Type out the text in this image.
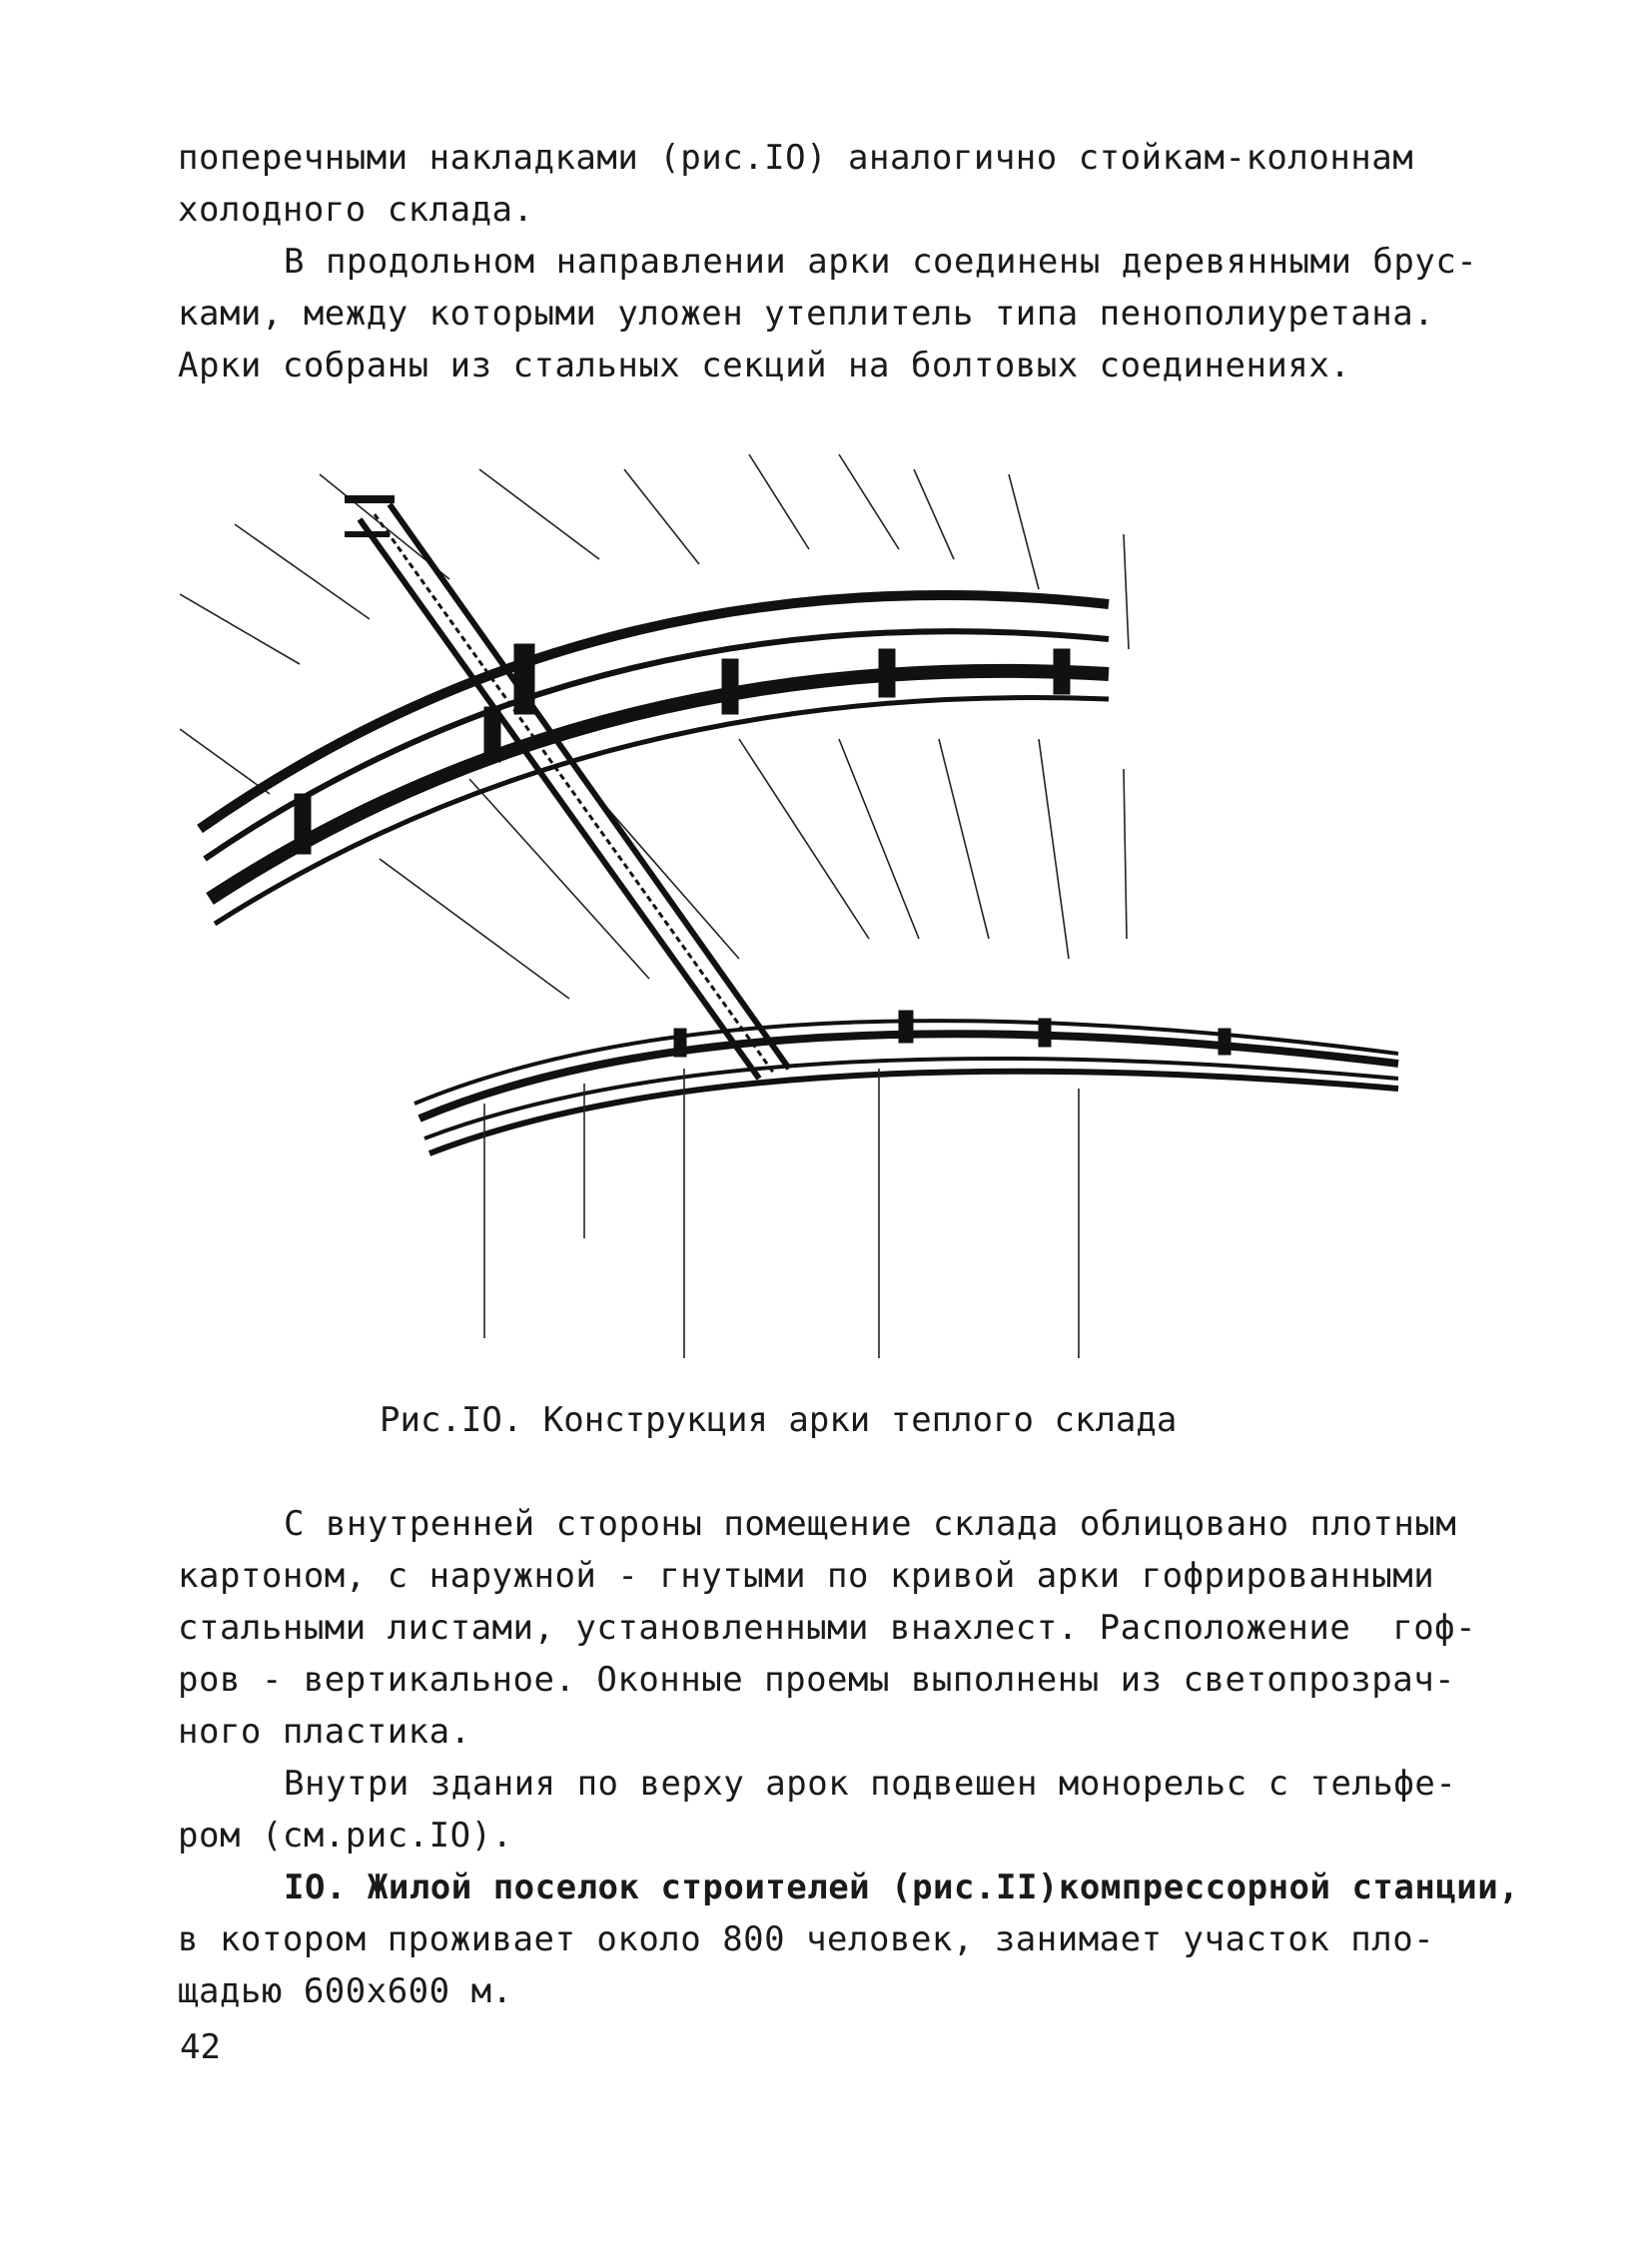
поперечными накладками (рис.IO) аналогично стойкам-колоннам

холодного склада.

В продольном направлении арки соединены деревянными брус-

ками, между которыми уложен утеплитель типа пенополиуретана.

Арки собраны из стальных секций на болтовых соединениях.

Рис.IO. Конструкция арки теплого склада

С внутренней стороны помещение склада облицовано плотным

картоном, с наружной - гнутыми по кривой арки гофрированными

стальными листами, установленными внахлест. Расположение  гоф-

ров - вертикальное. Оконные проемы выполнены из светопрозрач-

ного пластика.

Внутри здания по верху арок подвешен монорельс с тельфе-

ром (см.рис.IO).

IO. Жилой поселок строителей (рис.II)компрессорной станции,

в котором проживает около 800 человек, занимает участок пло-

щадью 600х600 м.

42
